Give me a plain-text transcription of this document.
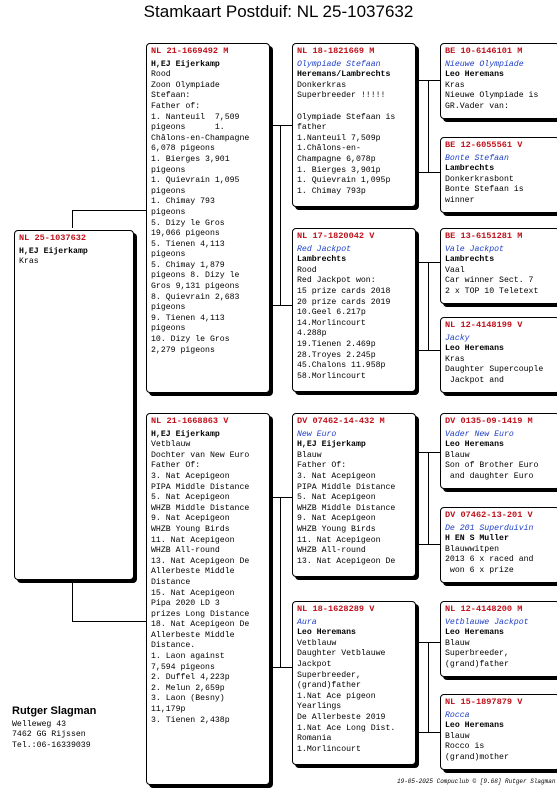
Stamkaart Postduif: NL 25-1037632
NL 25-1037632
H,EJ Eijerkamp
Kras
NL 21-1669492 M
H,EJ Eijerkamp
Rood
Zoon Olympiade
Stefaan:
Father of:
1. Nanteuil  7,509
pigeons      1.
Châlons-en-Champagne
6,078 pigeons
1. Bierges 3,901
pigeons
1. Quievrain 1,095
pigeons
1. Chimay 793
pigeons
5. Dizy le Gros
19,066 pigeons
5. Tienen 4,113
pigeons
5. Chimay 1,879
pigeons 8. Dizy le
Gros 9,131 pigeons
8. Quievrain 2,683
pigeons
9. Tienen 4,113
pigeons
10. Dizy le Gros
2,279 pigeons
NL 21-1668863 V
H,EJ Eijerkamp
Vetblauw
Dochter van New Euro
Father Of:
3. Nat Acepigeon
PIPA Middle Distance
5. Nat Acepigeon
WHZB Middle Distance
9. Nat Acepigeon
WHZB Young Birds
11. Nat Acepigeon
WHZB All-round
13. Nat Acepigeon De
Allerbeste Middle
Distance
15. Nat Acepigeon
Pipa 2020 LD 3
prizes Long Distance
18. Nat Acepigeon De
Allerbeste Middle
Distance.
1. Laon against
7,594 pigeons
2. Duffel 4,223p
2. Melun 2,659p
3. Laon (Besny)
11,179p
3. Tienen 2,438p
NL 18-1821669 M
Olympiade Stefaan
Heremans/Lambrechts
Donkerkras
Superbreeder !!!!!

Olympiade Stefaan is
father
1.Nanteuil 7,509p
1.Châlons-en-
Champagne 6,078p
1. Bierges 3,901p
1. Quievrain 1,095p
1. Chimay 793p
NL 17-1820042 V
Red Jackpot
Lambrechts
Rood
Red Jackpot won:
15 prize cards 2018
20 prize cards 2019
10.Geel 6.217p
14.Morlincourt
4.288p
19.Tienen 2.469p
28.Troyes 2.245p
45.Chalons 11.958p
58.Morlincourt
DV 07462-14-432 M
New Euro
H,EJ Eijerkamp
Blauw
Father Of:
3. Nat Acepigeon
PIPA Middle Distance
5. Nat Acepigeon
WHZB Middle Distance
9. Nat Acepigeon
WHZB Young Birds
11. Nat Acepigeon
WHZB All-round
13. Nat Acepigeon De
NL 18-1628289 V
Aura
Leo Heremans
Vetblauw
Daughter Vetblauwe
Jackpot
Superbreeder,
(grand)father
1.Nat Ace pigeon
Yearlings
De Allerbeste 2019
1.Nat Ace Long Dist.
Romania
1.Morlincourt
BE 10-6146101 M
Nieuwe Olympiade
Leo Heremans
Kras
Nieuwe Olympiade is
GR.Vader van:
BE 12-6055561 V
Bonte Stefaan
Lambrechts
Donkerkrasbont
Bonte Stefaan is
winner
BE 13-6151281 M
Vale Jackpot
Lambrechts
Vaal
Car winner Sect. 7
2 x TOP 10 Teletext
NL 12-4148199 V
Jacky
Leo Heremans
Kras
Daughter Supercouple
Jackpot and
DV 0135-09-1419 M
Vader New Euro
Leo Heremans
Blauw
Son of Brother Euro
and daughter Euro
DV 07462-13-201 V
De 201 Superduivin
H EN S Muller
Blauwwitpen
2013 6 x raced and
won 6 x prize
NL 12-4148200 M
Vetblauwe Jackpot
Leo Heremans
Blauw
Superbreeder,
(grand)father
NL 15-1897879 V
Rocca
Leo Heremans
Blauw
Rocco is
(grand)mother
Rutger Slagman
Welleweg 43
7462 GG Rijssen
Tel.:06-16339039
19-05-2025 Compuclub © [9.68] Rutger Slagman
